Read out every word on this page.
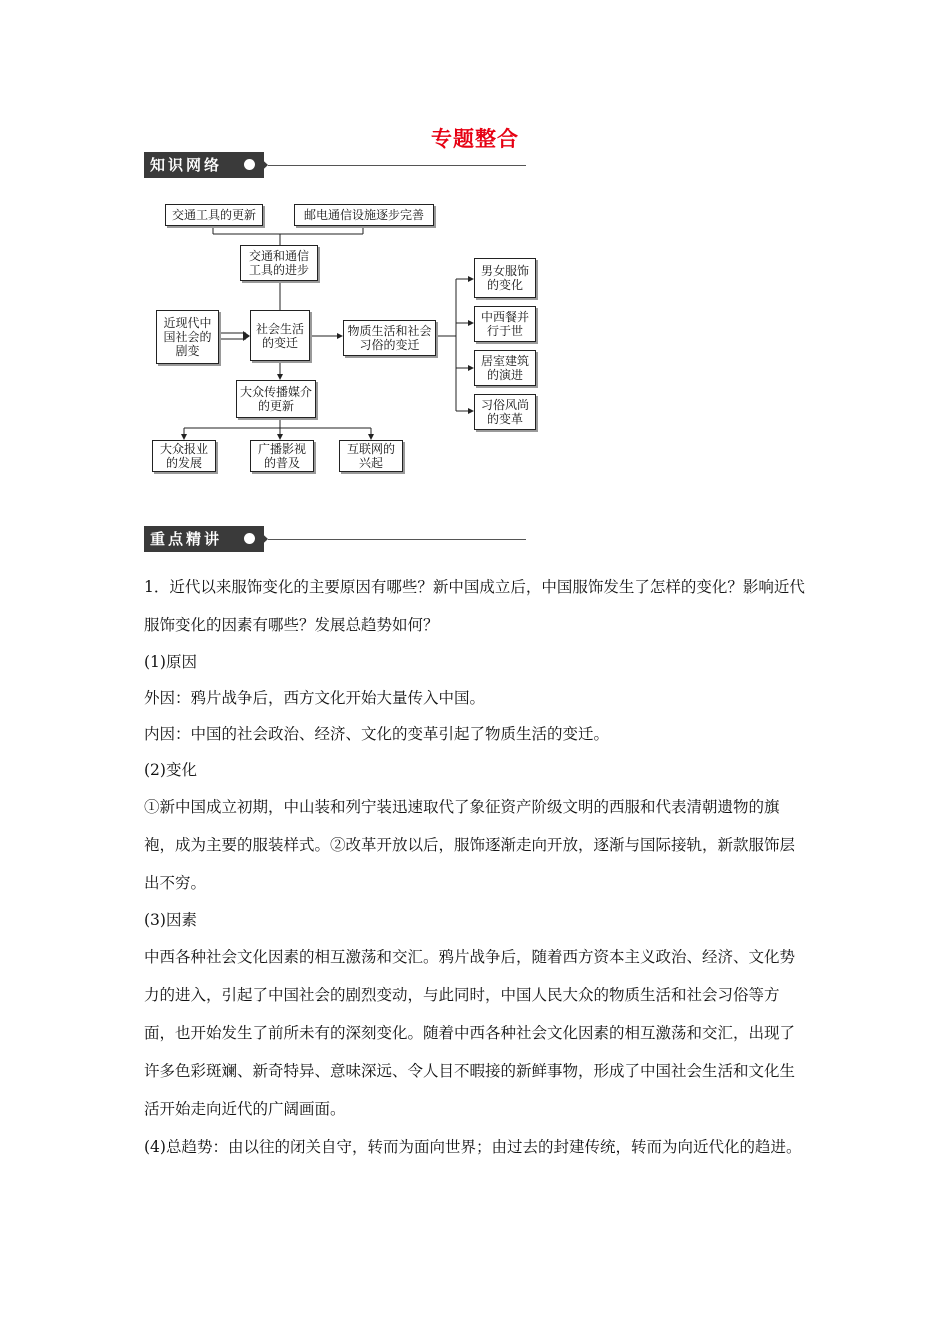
专题整合
知识网络
交通工具的更新	邮电通信设施逐步完善
交通和通信工具的进步
近现代中国社会的剧变
社会生活的变迁
物质生活和社会习俗的变迁
大众传播媒介的更新
大众报业的发展
广播影视的普及
互联网的兴起
男女服饰的变化
中西餐并行于世
居室建筑的演进
习俗风尚的变革
重点精讲
1．近代以来服饰变化的主要原因有哪些？新中国成立后，中国服饰发生了怎样的变化？影响近代服饰变化的因素有哪些？发展总趋势如何？
(1)原因
外因：鸦片战争后，西方文化开始大量传入中国。
内因：中国的社会政治、经济、文化的变革引起了物质生活的变迁。
(2)变化
①新中国成立初期，中山装和列宁装迅速取代了象征资产阶级文明的西服和代表清朝遗物的旗袍，成为主要的服装样式。②改革开放以后，服饰逐渐走向开放，逐渐与国际接轨，新款服饰层出不穷。
(3)因素
中西各种社会文化因素的相互激荡和交汇。鸦片战争后，随着西方资本主义政治、经济、文化势力的进入，引起了中国社会的剧烈变动，与此同时，中国人民大众的物质生活和社会习俗等方面，也开始发生了前所未有的深刻变化。随着中西各种社会文化因素的相互激荡和交汇，出现了许多色彩斑斓、新奇特异、意味深远、令人目不暇接的新鲜事物，形成了中国社会生活和文化生活开始走向近代的广阔画面。
(4)总趋势：由以往的闭关自守，转而为面向世界；由过去的封建传统，转而为向近代化的趋进。
